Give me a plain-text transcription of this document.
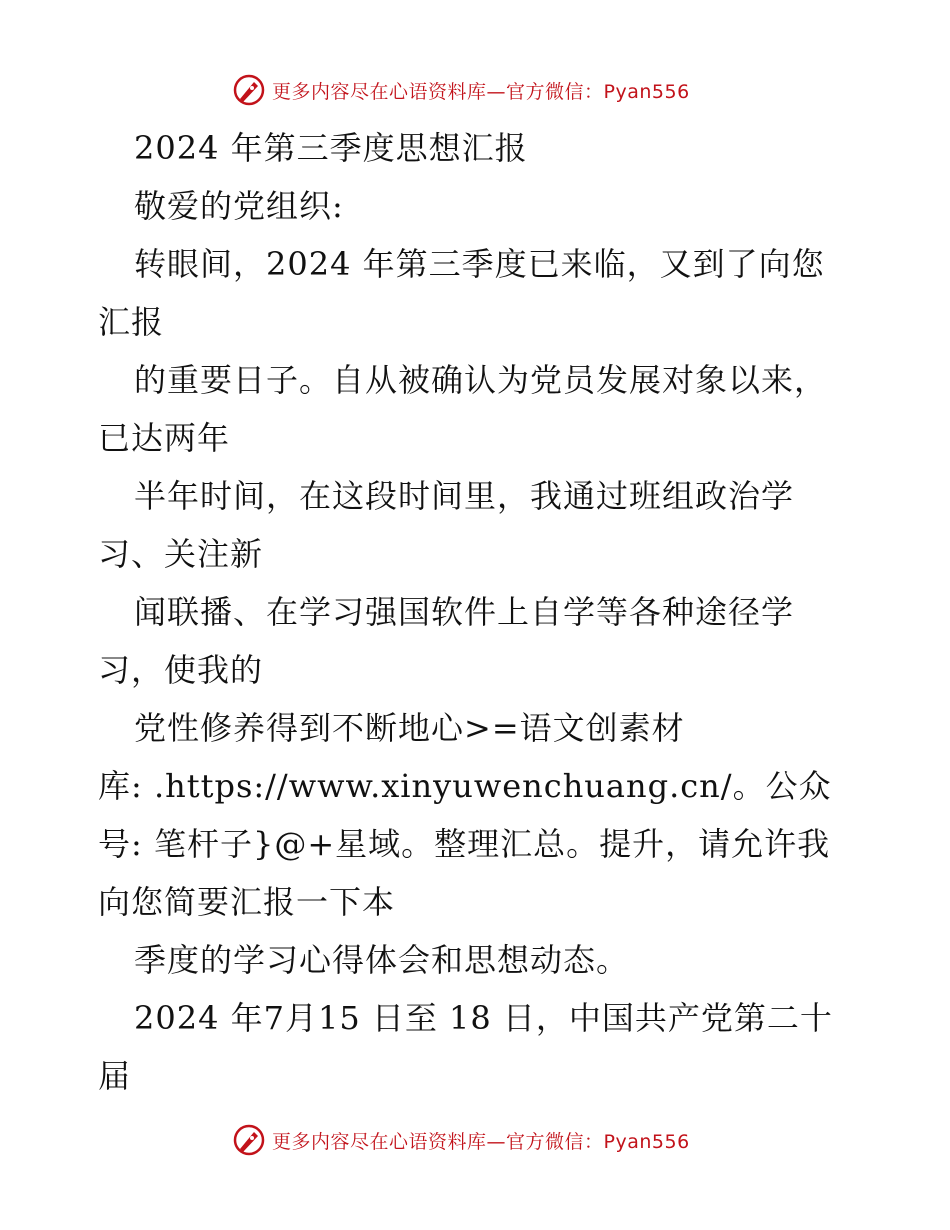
更多内容尽在心语资料库—官方微信：Pyan556
2024 年第三季度思想汇报
敬爱的党组织:
转眼间，2024 年第三季度已来临，又到了向您
汇报
的重要日子。自从被确认为党员发展对象以来，
已达两年
半年时间，在这段时间里，我通过班组政治学
习、关注新
闻联播、在学习强国软件上自学等各种途径学
习，使我的
党性修养得到不断地心>=语文创素材
库: .https://www.xinyuwenchuang.cn/。公众
号: 笔杆子}@+星域。整理汇总。提升，请允许我
向您简要汇报一下本
季度的学习心得体会和思想动态。
2024 年7月15 日至 18 日，中国共产党第二十
届
更多内容尽在心语资料库—官方微信：Pyan556
